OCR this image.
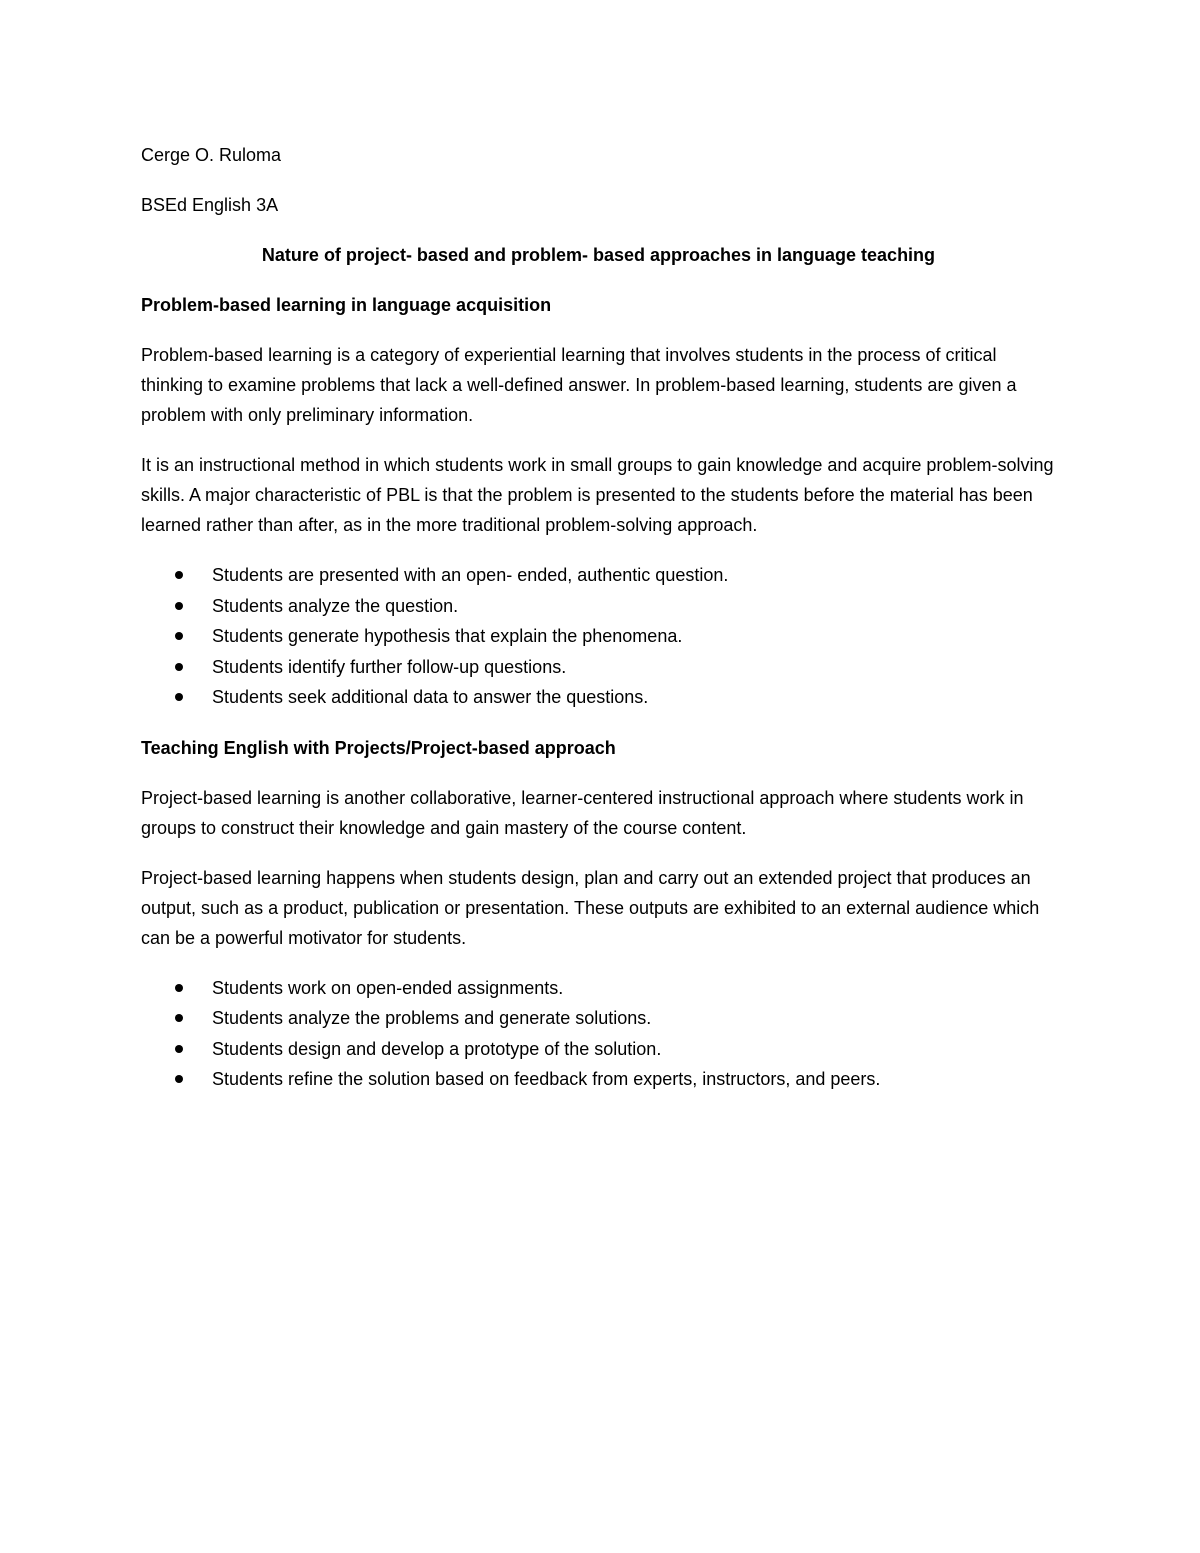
Cerge O. Ruloma

BSEd English 3A

Nature of project- based and problem- based approaches in language teaching

Problem-based learning in language acquisition

Problem-based learning is a category of experiential learning that involves students in the process of critical thinking to examine problems that lack a well-defined answer. In problem-based learning, students are given a problem with only preliminary information.

It is an instructional method in which students work in small groups to gain knowledge and acquire problem-solving skills. A major characteristic of PBL is that the problem is presented to the students before the material has been learned rather than after, as in the more traditional problem-solving approach.

Students are presented with an open- ended, authentic question.
Students analyze the question.
Students generate hypothesis that explain the phenomena.
Students identify further follow-up questions.
Students seek additional data to answer the questions.

Teaching English with Projects/Project-based approach

Project-based learning is another collaborative, learner-centered instructional approach where students work in groups to construct their knowledge and gain mastery of the course content.

Project-based learning happens when students design, plan and carry out an extended project that produces an output, such as a product, publication or presentation. These outputs are exhibited to an external audience which can be a powerful motivator for students.

Students work on open-ended assignments.
Students analyze the problems and generate solutions.
Students design and develop a prototype of the solution.
Students refine the solution based on feedback from experts, instructors, and peers.
